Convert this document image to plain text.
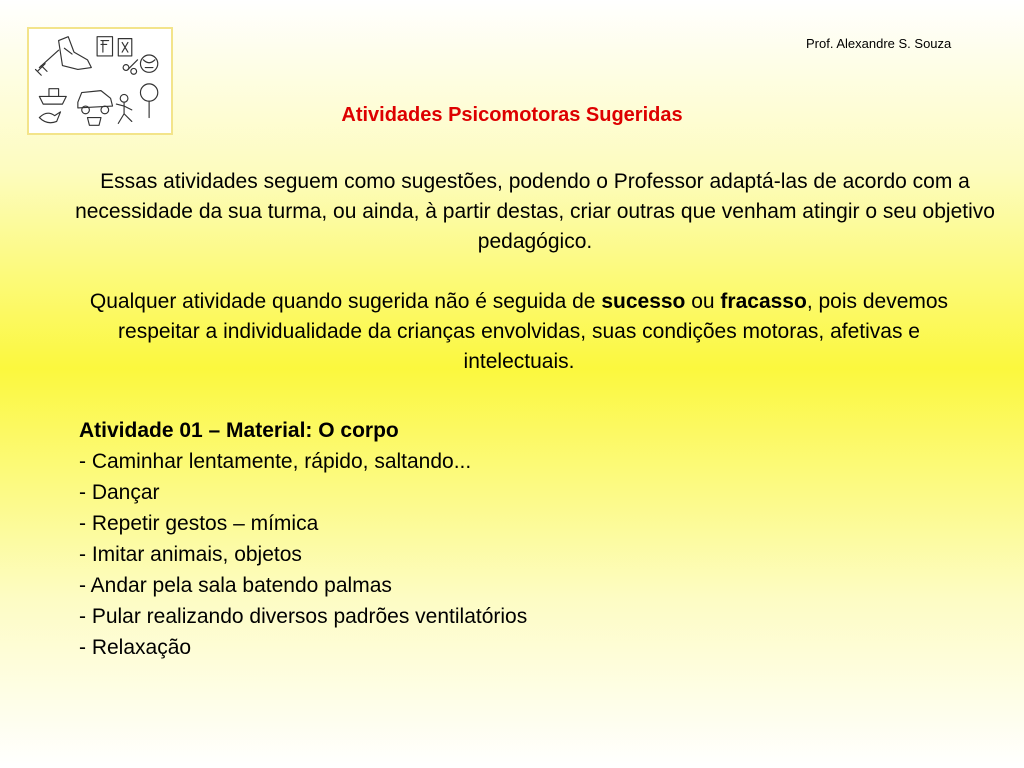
Prof. Alexandre S. Souza
Atividades Psicomotoras Sugeridas
Essas atividades seguem como sugestões, podendo o Professor adaptá-las de acordo com a necessidade da sua turma, ou ainda, à partir destas, criar outras que venham atingir o seu objetivo pedagógico.
Qualquer atividade quando sugerida não é seguida de sucesso ou fracasso, pois devemos respeitar a individualidade da crianças envolvidas, suas condições motoras, afetivas e intelectuais.
Atividade 01 – Material: O corpo
- Caminhar lentamente, rápido, saltando...
- Dançar
- Repetir gestos – mímica
- Imitar animais, objetos
- Andar pela sala batendo palmas
- Pular realizando diversos padrões ventilatórios
- Relaxação
